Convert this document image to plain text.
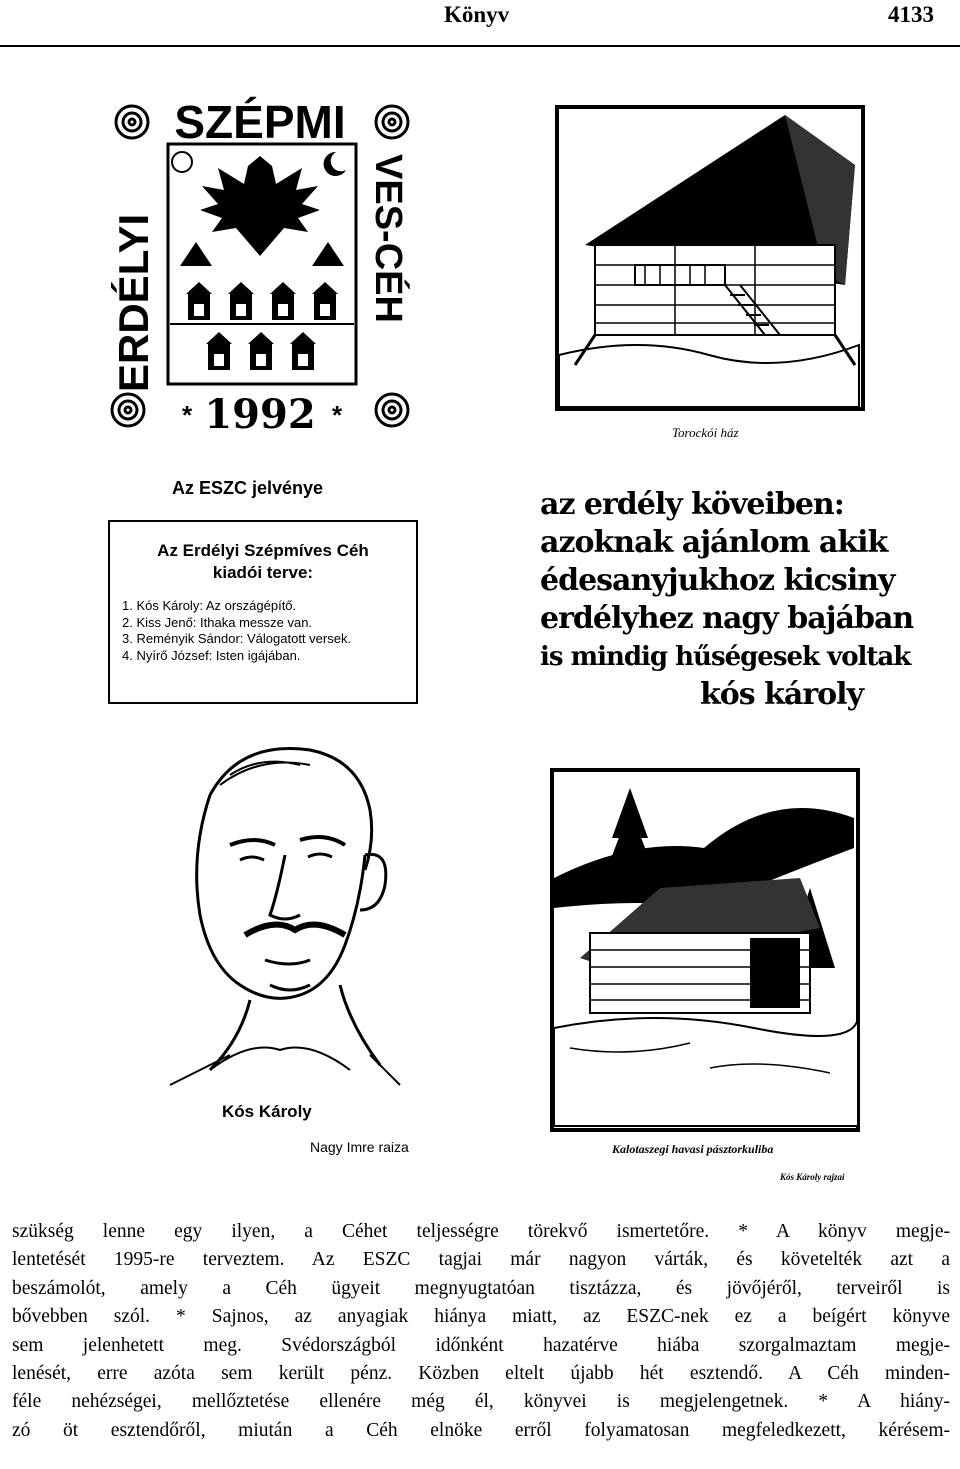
Könyv	4133
SZÉPMI
ERDÉLYI	VES-CÉH
* 1992 *
Az ESZC jelvénye
Torockói ház
Az Erdélyi Szépmíves Céh
kiadói terve:
1. Kós Károly: Az országépítő.
2. Kiss Jenő: Ithaka messze van.
3. Reményik Sándor: Válogatott versek.
4. Nyírő József: Isten igájában.
az erdély köveiben:
azoknak ajánlom akik
édesanyjukhoz kicsiny
erdélyhez nagy bajában
is mindig hűségesek voltak
kós károly
Kós Károly
Nagy Imre raiza	Kalotaszegi havasi pásztorkuliba
Kós Károly rajzai
szükség lenne egy ilyen, a Céhet teljességre törekvő ismertetőre. * A könyv megje-
lentetését 1995-re terveztem. Az ESZC tagjai már nagyon várták, és követelték azt a
beszámolót, amely a Céh ügyeit megnyugtatóan tisztázza, és jövőjéről, terveiről is
bővebben szól. * Sajnos, az anyagiak hiánya miatt, az ESZC-nek ez a beígért könyve
sem jelenhetett meg. Svédországból időnként hazatérve hiába szorgalmaztam megje-
lenését, erre azóta sem került pénz. Közben eltelt újabb hét esztendő. A Céh minden-
féle nehézségei, mellőztetése ellenére még él, könyvei is megjelengetnek. * A hiány-
zó öt esztendőről, miután a Céh elnöke erről folyamatosan megfeledkezett, kérésem-
